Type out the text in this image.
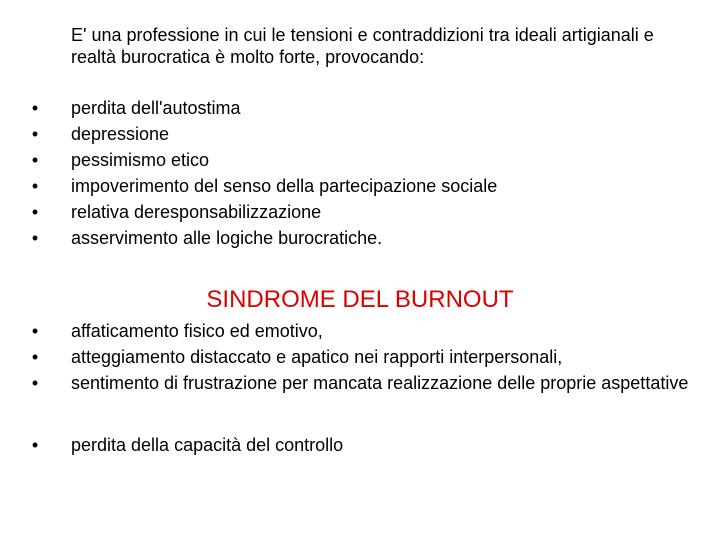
E' una professione in cui le tensioni e contraddizioni tra ideali artigianali e realtà burocratica è molto forte, provocando:

• perdita dell'autostima
• depressione
• pessimismo etico
• impoverimento del senso della partecipazione sociale
• relativa deresponsabilizzazione
• asservimento alle logiche burocratiche.
SINDROME DEL BURNOUT
• affaticamento fisico ed emotivo,
• atteggiamento distaccato e apatico nei rapporti interpersonali,
• sentimento di frustrazione per mancata realizzazione delle proprie aspettative
• perdita della capacità del controllo
